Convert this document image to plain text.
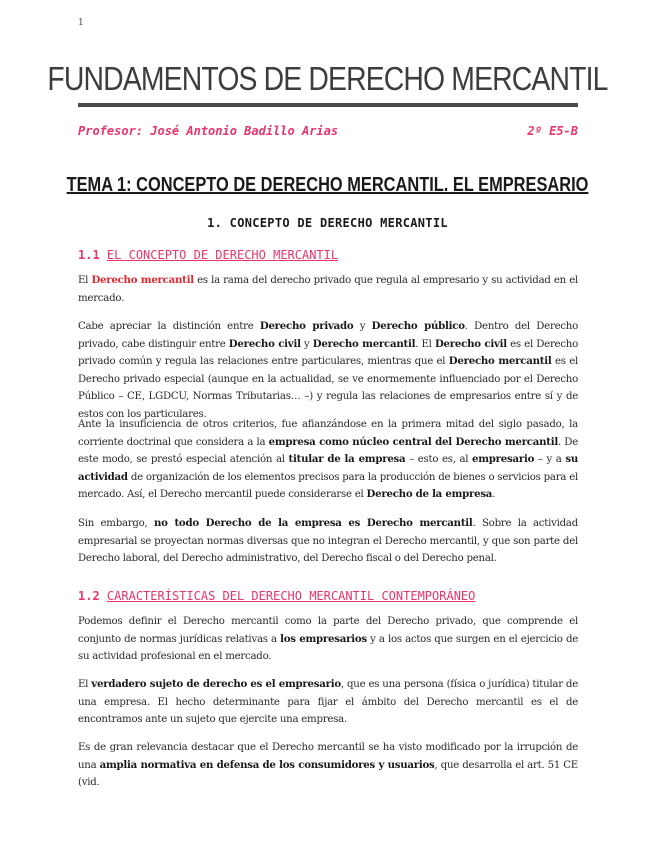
1
FUNDAMENTOS DE DERECHO MERCANTIL
Profesor: José Antonio Badillo Arias	2º E5-B
TEMA 1: CONCEPTO DE DERECHO MERCANTIL. EL EMPRESARIO
1. CONCEPTO DE DERECHO MERCANTIL
1.1 EL CONCEPTO DE DERECHO MERCANTIL
El Derecho mercantil es la rama del derecho privado que regula al empresario y su actividad en el mercado.
Cabe apreciar la distinción entre Derecho privado y Derecho público. Dentro del Derecho privado, cabe distinguir entre Derecho civil y Derecho mercantil. El Derecho civil es el Derecho privado común y regula las relaciones entre particulares, mientras que el Derecho mercantil es el Derecho privado especial (aunque en la actualidad, se ve enormemente influenciado por el Derecho Público – CE, LGDCU, Normas Tributarias… –) y regula las relaciones de empresarios entre sí y de estos con los particulares.
Ante la insuficiencia de otros criterios, fue afianzándose en la primera mitad del siglo pasado, la corriente doctrinal que considera a la empresa como núcleo central del Derecho mercantil. De este modo, se prestó especial atención al titular de la empresa – esto es, al empresario – y a su actividad de organización de los elementos precisos para la producción de bienes o servicios para el mercado. Así, el Derecho mercantil puede considerarse el Derecho de la empresa.
Sin embargo, no todo Derecho de la empresa es Derecho mercantil. Sobre la actividad empresarial se proyectan normas diversas que no integran el Derecho mercantil, y que son parte del Derecho laboral, del Derecho administrativo, del Derecho fiscal o del Derecho penal.
1.2 CARACTERÍSTICAS DEL DERECHO MERCANTIL CONTEMPORÁNEO
Podemos definir el Derecho mercantil como la parte del Derecho privado, que comprende el conjunto de normas jurídicas relativas a los empresarios y a los actos que surgen en el ejercicio de su actividad profesional en el mercado.
El verdadero sujeto de derecho es el empresario, que es una persona (física o jurídica) titular de una empresa. El hecho determinante para fijar el ámbito del Derecho mercantil es el de encontramos ante un sujeto que ejercite una empresa.
Es de gran relevancia destacar que el Derecho mercantil se ha visto modificado por la irrupción de una amplia normativa en defensa de los consumidores y usuarios, que desarrolla el art. 51 CE (vid.
